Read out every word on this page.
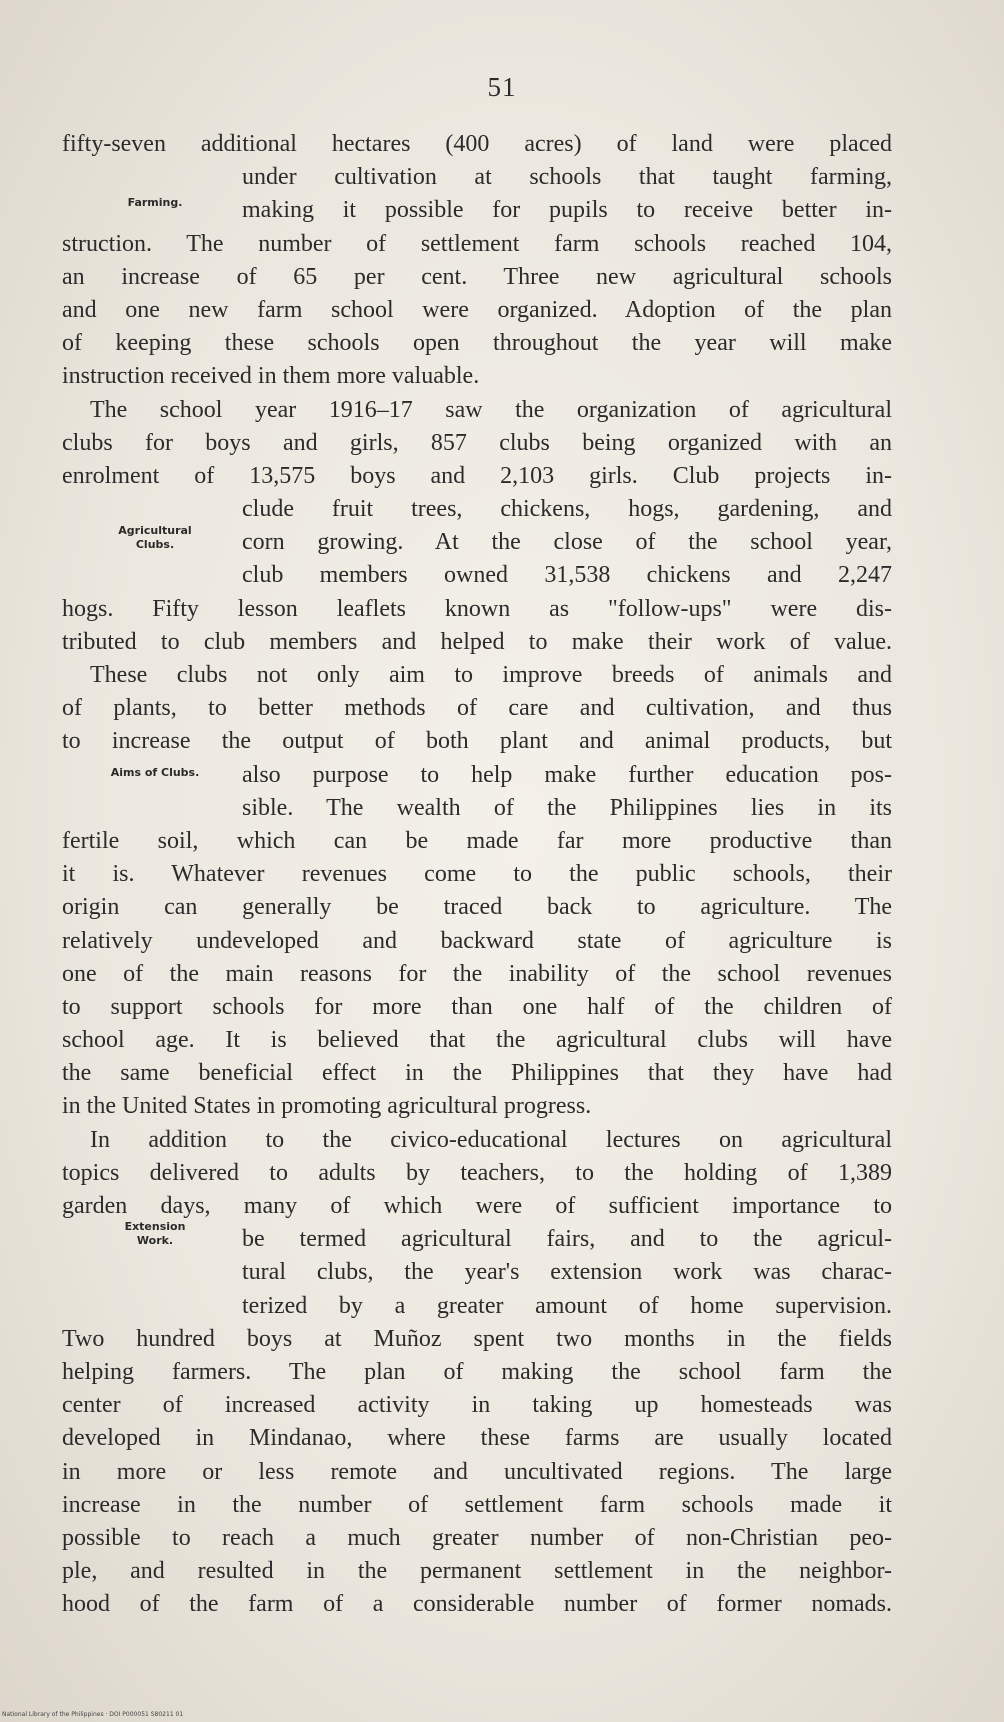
51
Farming.
Agricultural
Clubs.
Aims of Clubs.
Extension
Work.
fifty-seven additional hectares (400 acres) of land were placed
under cultivation at schools that taught farming,
making it possible for pupils to receive better in-
struction. The number of settlement farm schools reached 104,
an increase of 65 per cent. Three new agricultural schools
and one new farm school were organized. Adoption of the plan
of keeping these schools open throughout the year will make
instruction received in them more valuable.
The school year 1916–17 saw the organization of agricultural
clubs for boys and girls, 857 clubs being organized with an
enrolment of 13,575 boys and 2,103 girls. Club projects in-
clude fruit trees, chickens, hogs, gardening, and
corn growing. At the close of the school year,
club members owned 31,538 chickens and 2,247
hogs. Fifty lesson leaflets known as "follow-ups" were dis-
tributed to club members and helped to make their work of value.
These clubs not only aim to improve breeds of animals and
of plants, to better methods of care and cultivation, and thus
to increase the output of both plant and animal products, but
also purpose to help make further education pos-
sible. The wealth of the Philippines lies in its
fertile soil, which can be made far more productive than
it is. Whatever revenues come to the public schools, their
origin can generally be traced back to agriculture. The
relatively undeveloped and backward state of agriculture is
one of the main reasons for the inability of the school revenues
to support schools for more than one half of the children of
school age. It is believed that the agricultural clubs will have
the same beneficial effect in the Philippines that they have had
in the United States in promoting agricultural progress.
In addition to the civico-educational lectures on agricultural
topics delivered to adults by teachers, to the holding of 1,389
garden days, many of which were of sufficient importance to
be termed agricultural fairs, and to the agricul-
tural clubs, the year's extension work was charac-
terized by a greater amount of home supervision.
Two hundred boys at Muñoz spent two months in the fields
helping farmers. The plan of making the school farm the
center of increased activity in taking up homesteads was
developed in Mindanao, where these farms are usually located
in more or less remote and uncultivated regions. The large
increase in the number of settlement farm schools made it
possible to reach a much greater number of non-Christian peo-
ple, and resulted in the permanent settlement in the neighbor-
hood of the farm of a considerable number of former nomads.
National Library of the Philippines · DOI P000051 S80211 01
